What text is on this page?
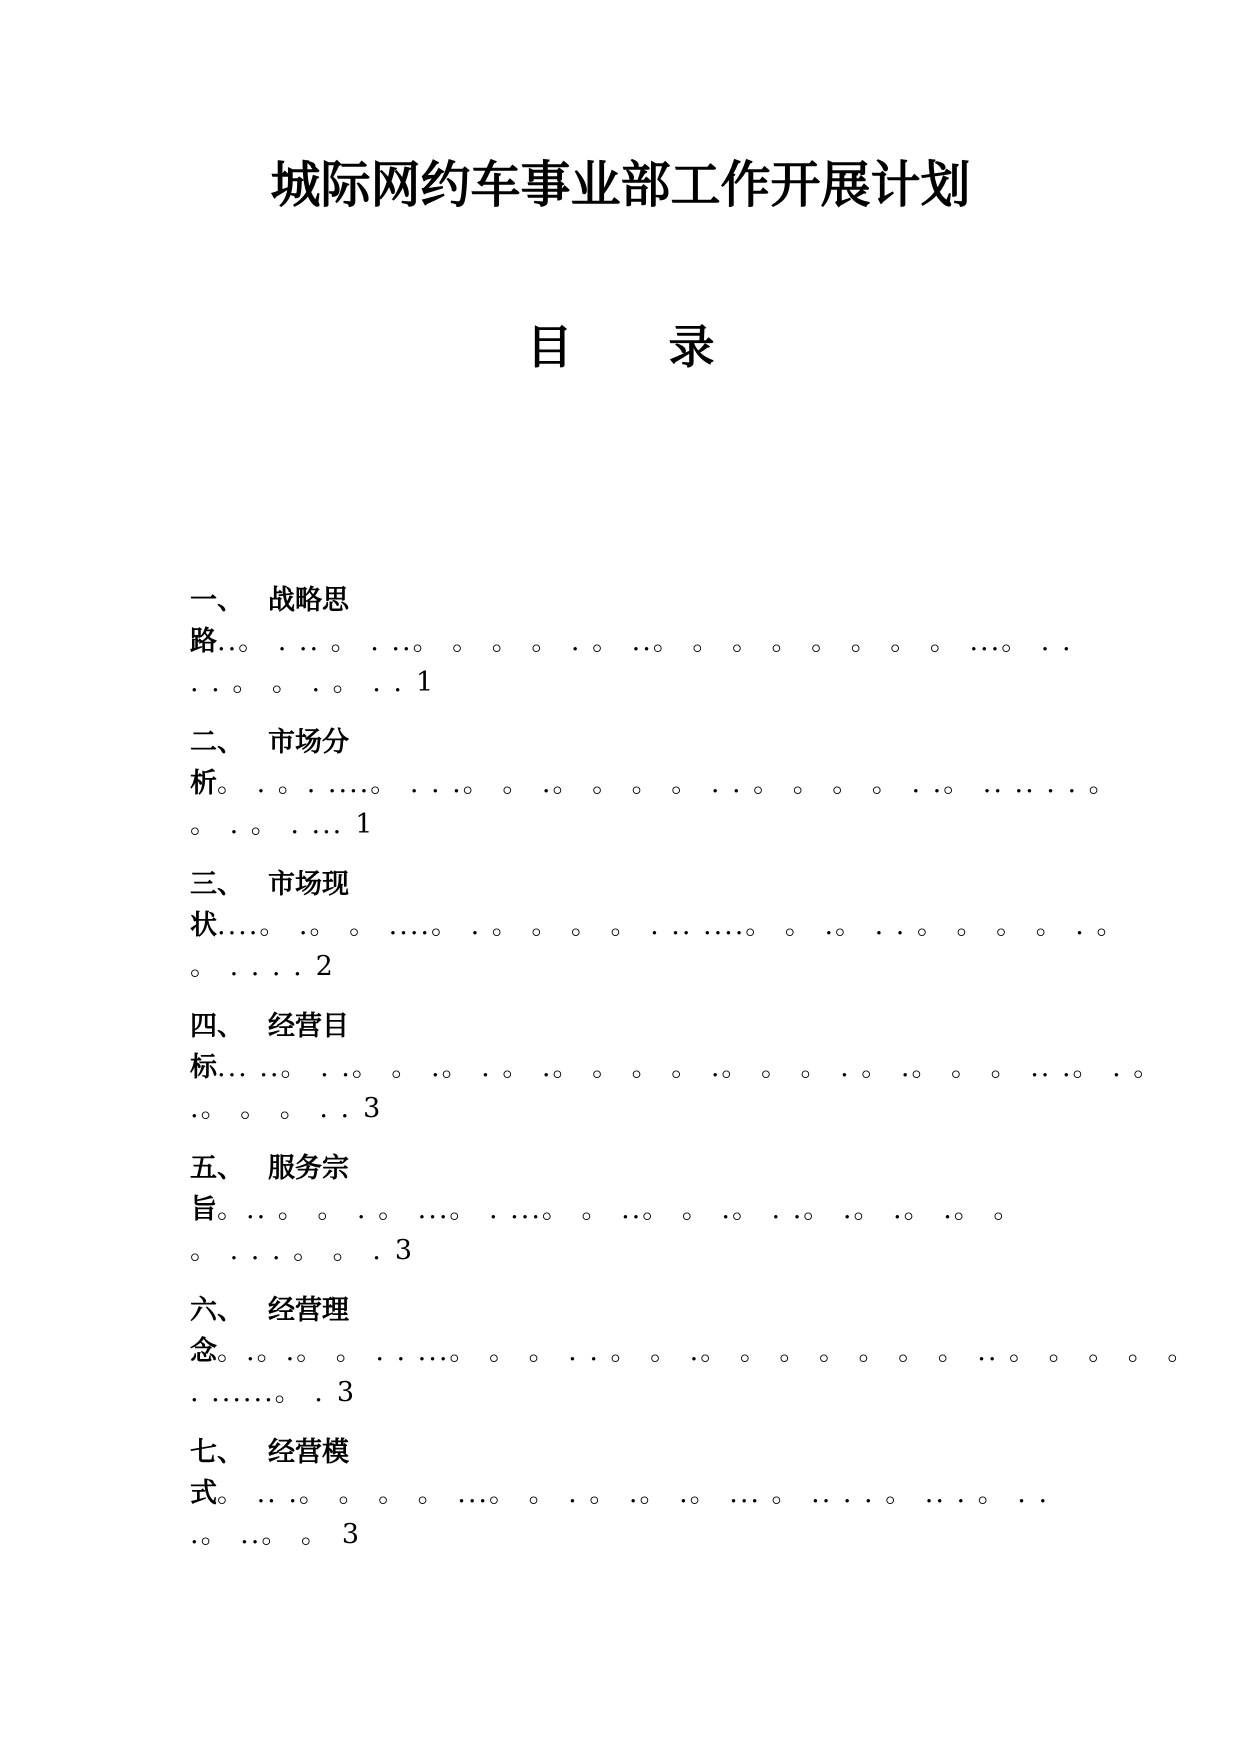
城际网约车事业部工作开展计划
目 录
一、 战略思
路..。 . .. 。 . ..。 。 。 。 . 。 ..。 。 。 。 。 。 。 。 ...。 . .
. . 。 。 . 。 . . 1
二、 市场分
析。 . 。. ....。 . . .。 。 .。 。 。 。 . . 。 。 。 。 . .。 .. .. . . 。
。 . 。 . ... 1
三、 市场现
状....。 .。 。 ....。 . 。 。 。 。 . .. ....。 。 .。 . . 。 。 。 。 . 。
。 . . . . 2
四、 经营目
标... ..。 . .。 。 .。 . 。 .。 。 。 。 .。 。 。 . 。 .。 。 。 .. .。 . 。
.。 。 。 . . 3
五、 服务宗
旨。.. 。 。 . 。 ...。 . ...。 。 ..。 。 .。 . .。 .。 .。 .。 。
。 . . . 。 。 . 3
六、 经营理
念。.。.。 。 . . ...。 。 。 . . 。 。 .。 。 。 。 。 。 。 .. 。 。 。 。 。
. ......。 . 3
七、 经营模
式。 .. .。 。 。 。 ...。 。 . 。 .。 .。 ... 。 .. . . 。 .. . 。 . .
.。 ..。 。 3
